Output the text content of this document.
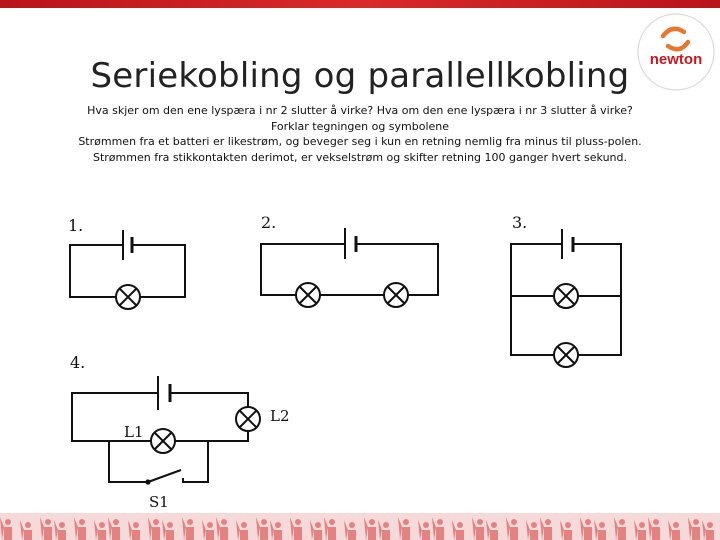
newton
Seriekobling og parallellkobling
Hva skjer om den ene lyspæra i nr 2 slutter å virke? Hva om den ene lyspæra i nr 3 slutter å virke?
Forklar tegningen og symbolene
Strømmen fra et batteri er likestrøm, og beveger seg i kun en retning nemlig fra minus til pluss-polen.
Strømmen fra stikkontakten derimot, er vekselstrøm og skifter retning 100 ganger hvert sekund.
1.	2.	3.
4.
L1
L2
S1
